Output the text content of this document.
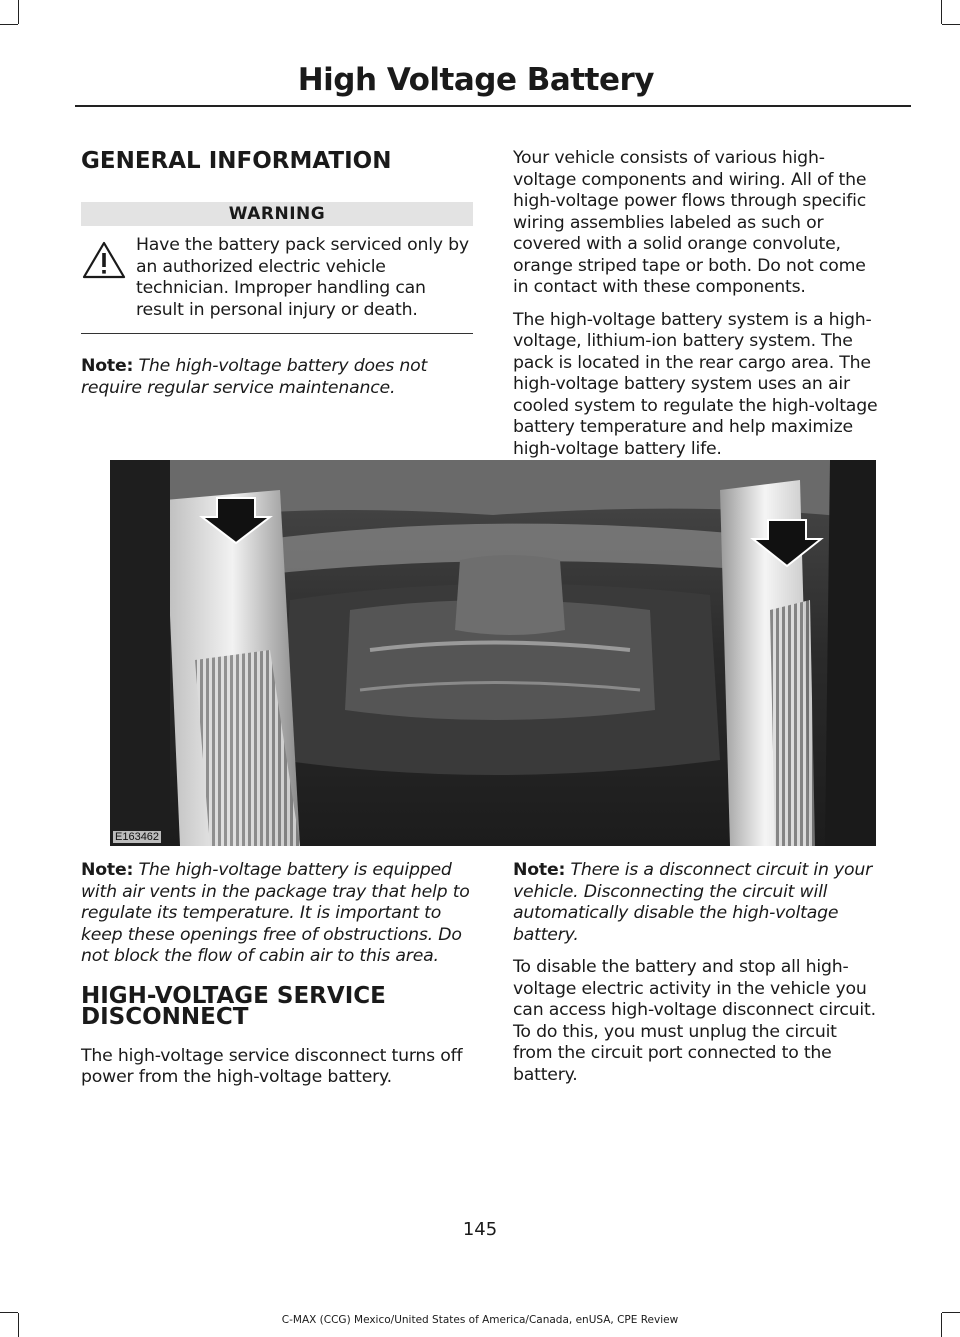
High Voltage Battery
GENERAL INFORMATION
WARNING
Have the battery pack serviced only by an authorized electric vehicle technician. Improper handling can result in personal injury or death.

Note: The high-voltage battery does not require regular service maintenance.

Your vehicle consists of various high-voltage components and wiring. All of the high-voltage power flows through specific wiring assemblies labeled as such or covered with a solid orange convolute, orange striped tape or both. Do not come in contact with these components.

The high-voltage battery system is a high-voltage, lithium-ion battery system. The pack is located in the rear cargo area. The high-voltage battery system uses an air cooled system to regulate the high-voltage battery temperature and help maximize high-voltage battery life.

E163462

Note: The high-voltage battery is equipped with air vents in the package tray that help to regulate its temperature. It is important to keep these openings free of obstructions. Do not block the flow of cabin air to this area.

HIGH-VOLTAGE SERVICE DISCONNECT

The high-voltage service disconnect turns off power from the high-voltage battery.

Note: There is a disconnect circuit in your vehicle. Disconnecting the circuit will automatically disable the high-voltage battery.

To disable the battery and stop all high-voltage electric activity in the vehicle you can access high-voltage disconnect circuit. To do this, you must unplug the circuit from the circuit port connected to the battery.

145

C-MAX (CCG) Mexico/United States of America/Canada, enUSA, CPE Review
